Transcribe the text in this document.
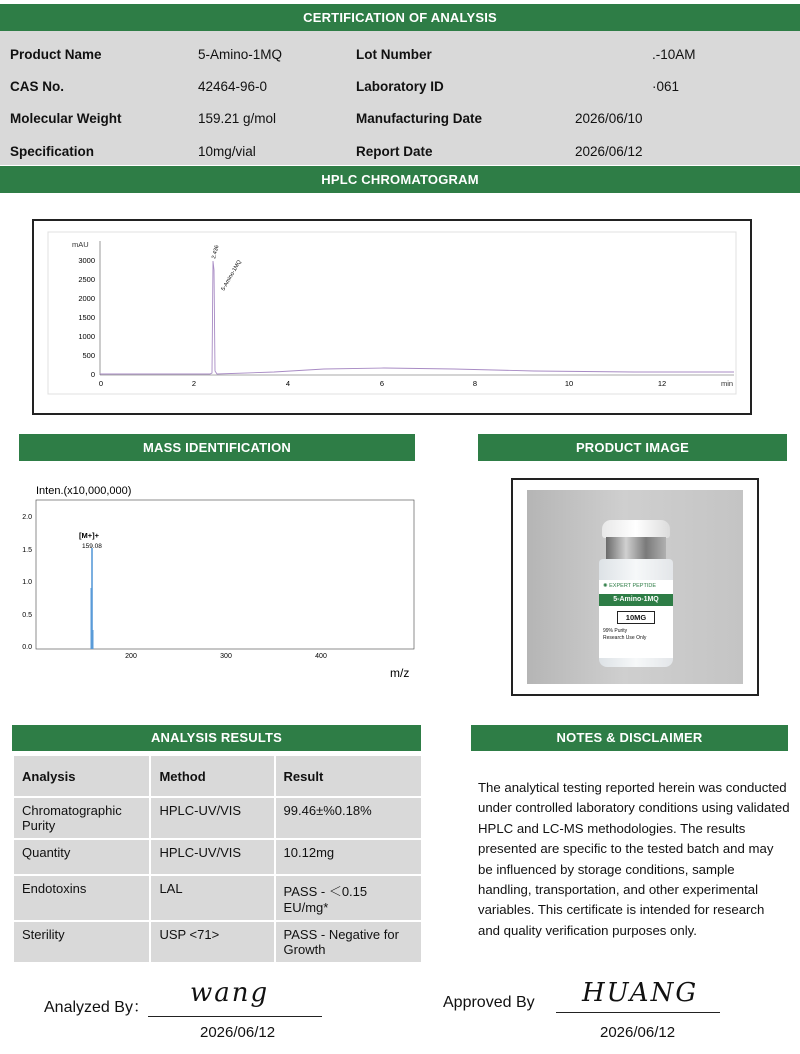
CERTIFICATION OF ANALYSIS
Product Name	5-Amino-1MQ	Lot Number	.-10AM
CAS No.	42464-96-0	Laboratory ID	·061
Molecular Weight	159.21 g/mol	Manufacturing Date	2026/06/10
Specification	10mg/vial	Report Date	2026/06/12
HPLC CHROMATOGRAM
mAU
min
0
500
1000
1500
2000
2500
3000
0	2	4	6	8	10	12
2.436
5-Amino-1MQ
MASS IDENTIFICATION
Inten.(x10,000,000)
0.0
0.5
1.0
1.5
2.0
200	300	400
m/z
[M+]+
159.08
PRODUCT IMAGE
✺ EXPERT PEPTIDE
5-Amino-1MQ
10MG
99% Purity
Research Use Only
ANALYSIS RESULTS
Analysis	Method	Result
Chromatographic Purity	HPLC-UV/VIS	99.46±%0.18%
Quantity	HPLC-UV/VIS	10.12mg
Endotoxins	LAL	PASS - ＜0.15 EU/mg*
Sterility	USP <71>	PASS - Negative for Growth
NOTES & DISCLAIMER
The analytical testing reported herein was conducted under controlled laboratory conditions using validated HPLC and LC-MS methodologies. The results presented are specific to the tested batch and may be influenced by storage conditions, sample handling, transportation, and other experimental variables. This certificate is intended for research and quality verification purposes only.
Analyzed By： wang
2026/06/12
Approved By HUANG
2026/06/12
